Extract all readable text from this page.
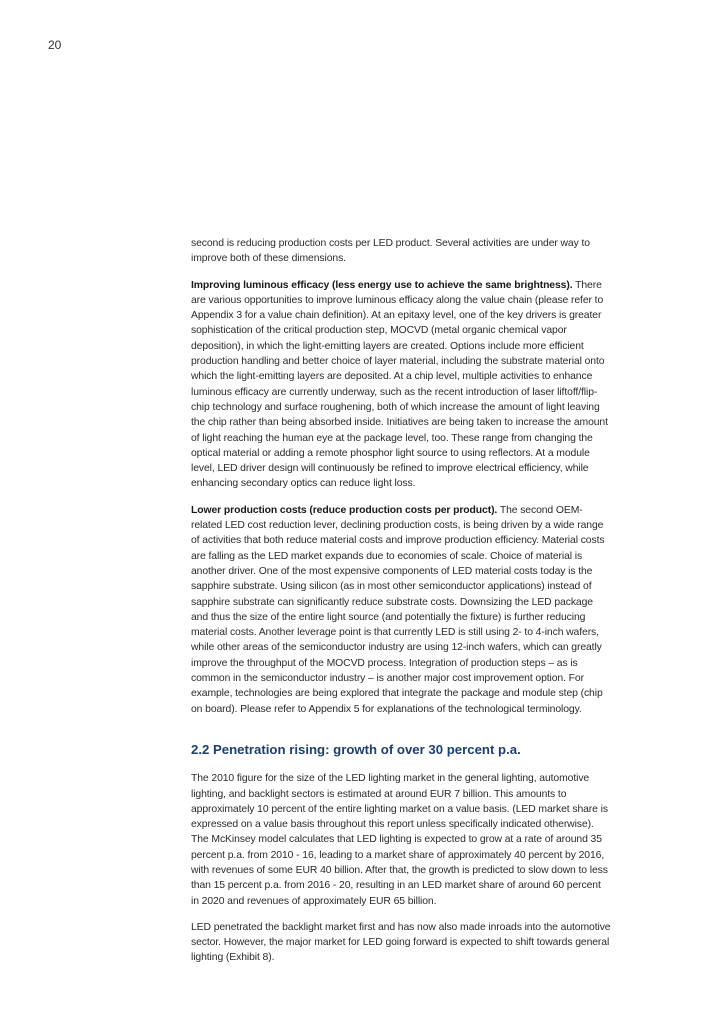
20

second is reducing production costs per LED product. Several activities are under way to improve both of these dimensions.

Improving luminous efficacy (less energy use to achieve the same brightness). There are various opportunities to improve luminous efficacy along the value chain (please refer to Appendix 3 for a value chain definition). At an epitaxy level, one of the key drivers is greater sophistication of the critical production step, MOCVD (metal organic chemical vapor deposition), in which the light-emitting layers are created. Options include more efficient production handling and better choice of layer material, including the substrate material onto which the light-emitting layers are deposited. At a chip level, multiple activities to enhance luminous efficacy are currently underway, such as the recent introduction of laser liftoff/flip-chip technology and surface roughening, both of which increase the amount of light leaving the chip rather than being absorbed inside. Initiatives are being taken to increase the amount of light reaching the human eye at the package level, too. These range from changing the optical material or adding a remote phosphor light source to using reflectors. At a module level, LED driver design will continuously be refined to improve electrical efficiency, while enhancing secondary optics can reduce light loss.

Lower production costs (reduce production costs per product). The second OEM-related LED cost reduction lever, declining production costs, is being driven by a wide range of activities that both reduce material costs and improve production efficiency. Material costs are falling as the LED market expands due to economies of scale. Choice of material is another driver. One of the most expensive components of LED material costs today is the sapphire substrate. Using silicon (as in most other semiconductor applications) instead of sapphire substrate can significantly reduce substrate costs. Downsizing the LED package and thus the size of the entire light source (and potentially the fixture) is further reducing material costs. Another leverage point is that currently LED is still using 2- to 4-inch wafers, while other areas of the semiconductor industry are using 12-inch wafers, which can greatly improve the throughput of the MOCVD process. Integration of production steps – as is common in the semiconductor industry – is another major cost improvement option. For example, technologies are being explored that integrate the package and module step (chip on board). Please refer to Appendix 5 for explanations of the technological terminology.

2.2 Penetration rising: growth of over 30 percent p.a.

The 2010 figure for the size of the LED lighting market in the general lighting, automotive lighting, and backlight sectors is estimated at around EUR 7 billion. This amounts to approximately 10 percent of the entire lighting market on a value basis. (LED market share is expressed on a value basis throughout this report unless specifically indicated otherwise). The McKinsey model calculates that LED lighting is expected to grow at a rate of around 35 percent p.a. from 2010 - 16, leading to a market share of approximately 40 percent by 2016, with revenues of some EUR 40 billion. After that, the growth is predicted to slow down to less than 15 percent p.a. from 2016 - 20, resulting in an LED market share of around 60 percent in 2020 and revenues of approximately EUR 65 billion.

LED penetrated the backlight market first and has now also made inroads into the automotive sector. However, the major market for LED going forward is expected to shift towards general lighting (Exhibit 8).
